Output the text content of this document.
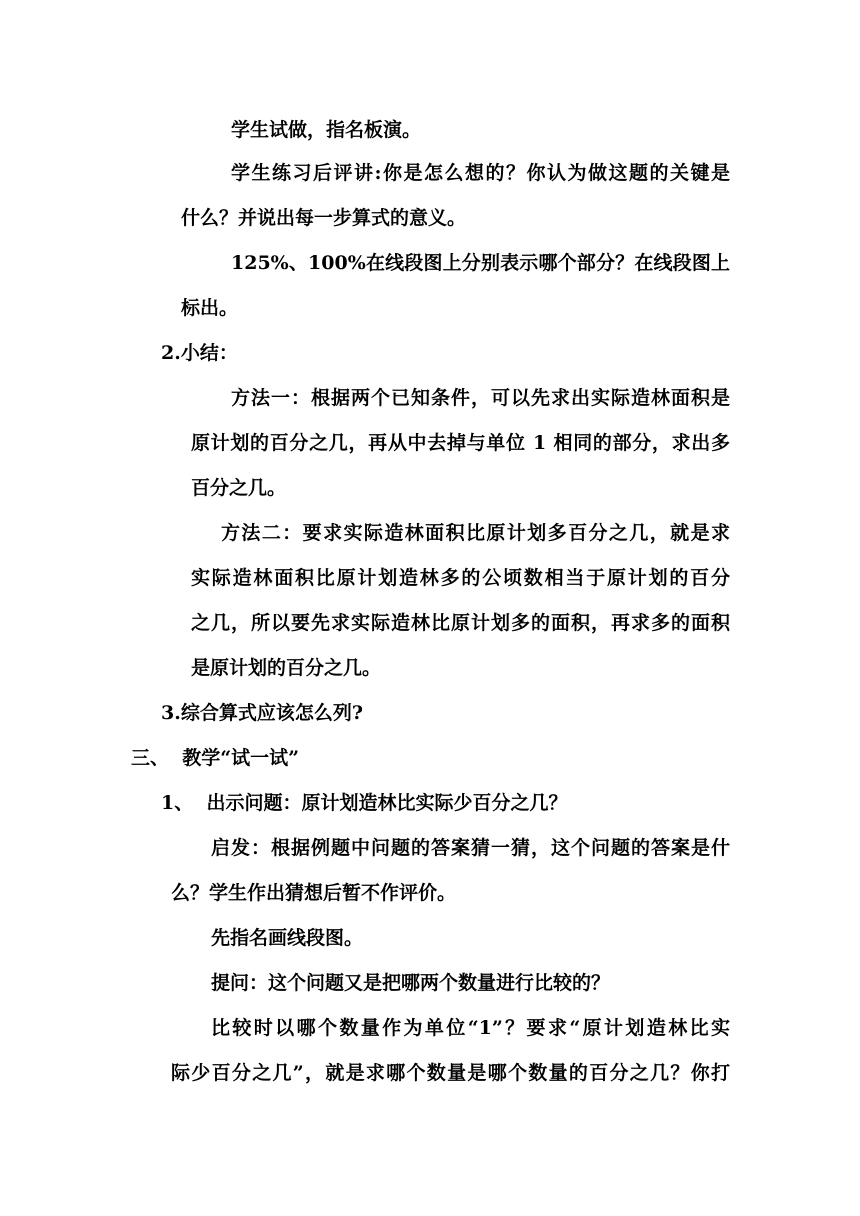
学生试做，指名板演。
学生练习后评讲:你是怎么想的？你认为做这题的关键是
什么？并说出每一步算式的意义。
125%、100%在线段图上分别表示哪个部分？在线段图上
标出。
2.小结：
方法一：根据两个已知条件，可以先求出实际造林面积是
原计划的百分之几，再从中去掉与单位 1 相同的部分，求出多
百分之几。
方法二：要求实际造林面积比原计划多百分之几，就是求
实际造林面积比原计划造林多的公顷数相当于原计划的百分
之几，所以要先求实际造林比原计划多的面积，再求多的面积
是原计划的百分之几。
3.综合算式应该怎么列?
三、  教学“试一试”
1、  出示问题：原计划造林比实际少百分之几？
启发：根据例题中问题的答案猜一猜，这个问题的答案是什
么？学生作出猜想后暂不作评价。
先指名画线段图。
提问：这个问题又是把哪两个数量进行比较的？
比较时以哪个数量作为单位“1”？要求“原计划造林比实
际少百分之几”，就是求哪个数量是哪个数量的百分之几？你打
